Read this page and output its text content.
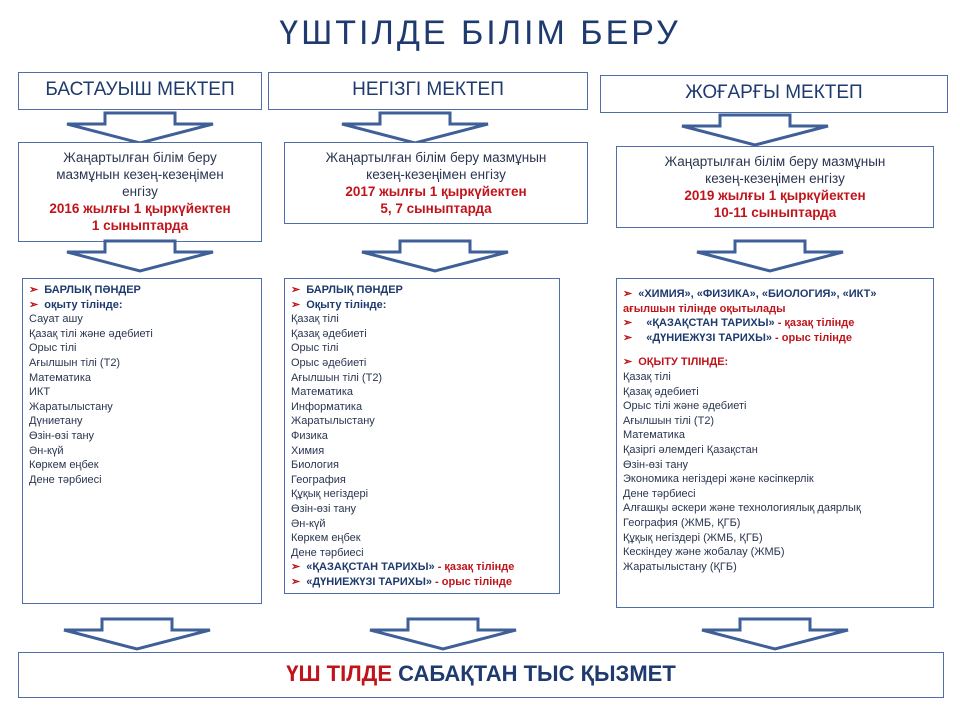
ҮШТІЛДЕ БІЛІМ БЕРУ
БАСТАУЫШ МЕКТЕП	НЕГІЗГІ МЕКТЕП	ЖОҒАРҒЫ МЕКТЕП
Жаңартылған білім беру
мазмұнын кезең-кезеңімен
енгізу
2016 жылғы 1 қыркүйектен
1 сыныптарда
Жаңартылған білім беру мазмұнын
кезең-кезеңімен енгізу
2017 жылғы 1 қыркүйектен
5, 7 сыныптарда
Жаңартылған білім беру мазмұнын
кезең-кезеңімен енгізу
2019 жылғы 1 қыркүйектен
10-11 сыныптарда
➢ БАРЛЫҚ ПӘНДЕР
➢ оқыту тілінде:
Сауат ашу
Қазақ тілі және әдебиеті
Орыс тілі
Ағылшын тілі (Т2)
Математика
ИКТ
Жаратылыстану
Дүниетану
Өзін-өзі тану
Ән-күй
Көркем еңбек
Дене тәрбиесі
➢ БАРЛЫҚ ПӘНДЕР
➢ Оқыту тілінде:
Қазақ тілі
Қазақ әдебиеті
Орыс тілі
Орыс әдебиеті
Ағылшын тілі (Т2)
Математика
Информатика
Жаратылыстану
Физика
Химия
Биология
География
Құқық негіздері
Өзін-өзі тану
Ән-күй
Көркем еңбек
Дене тәрбиесі
➢ «ҚАЗАҚСТАН ТАРИХЫ» - қазақ тілінде
➢ «ДҮНИЕЖҮЗІ ТАРИХЫ» - орыс тілінде
➢ «ХИМИЯ», «ФИЗИКА», «БИОЛОГИЯ», «ИКТ»
ағылшын тілінде оқытылады
➢ «ҚАЗАҚСТАН ТАРИХЫ» - қазақ тілінде
➢ «ДҮНИЕЖҮЗІ ТАРИХЫ» - орыс тілінде
➢ ОҚЫТУ ТІЛІНДЕ:
Қазақ тілі
Қазақ әдебиеті
Орыс тілі және әдебиеті
Ағылшын тілі (Т2)
Математика
Қазіргі әлемдегі Қазақстан
Өзін-өзі тану
Экономика негіздері және кәсіпкерлік
Дене тәрбиесі
Алғашқы әскери және технологиялық даярлық
География (ЖМБ, ҚГБ)
Құқық негіздері (ЖМБ, ҚГБ)
Кескіндеу және жобалау (ЖМБ)
Жаратылыстану (ҚГБ)
ҮШ ТІЛДЕ САБАҚТАН ТЫС ҚЫЗМЕТ
